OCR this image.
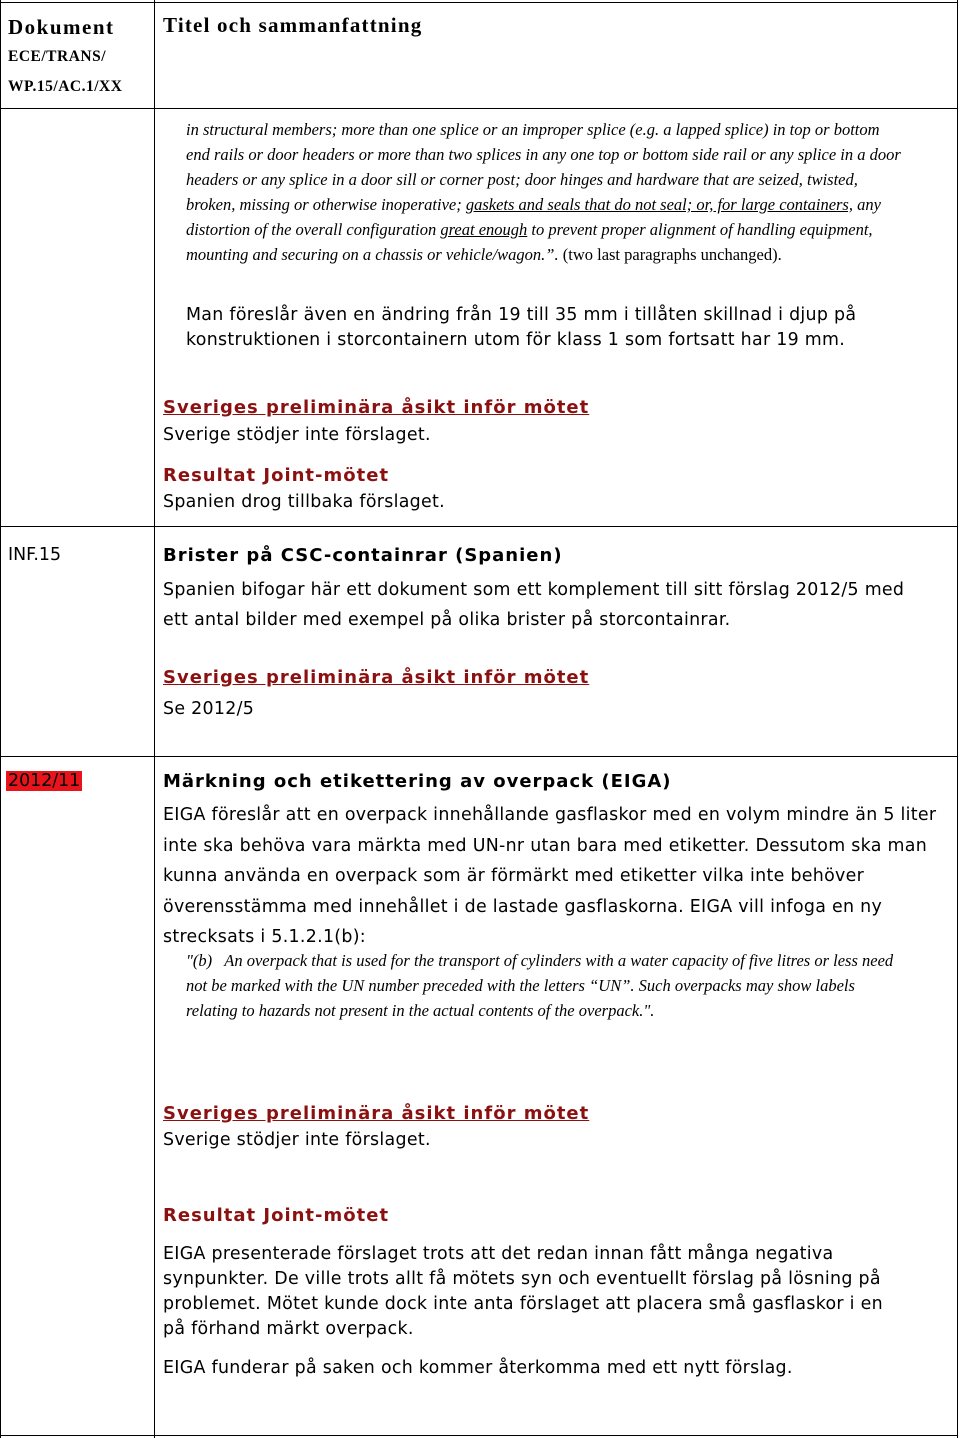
Dokument
ECE/TRANS/
WP.15/AC.1/XX
Titel och sammanfattning
in structural members; more than one splice or an improper splice (e.g. a lapped splice) in top or bottom end rails or door headers or more than two splices in any one top or bottom side rail or any splice in a door headers or any splice in a door sill or corner post; door hinges and hardware that are seized, twisted, broken, missing or otherwise inoperative; gaskets and seals that do not seal; or, for large containers, any distortion of the overall configuration great enough to prevent proper alignment of handling equipment, mounting and securing on a chassis or vehicle/wagon.”. (two last paragraphs unchanged).

Man föreslår även en ändring från 19 till 35 mm i tillåten skillnad i djup på konstruktionen i storcontainern utom för klass 1 som fortsatt har 19 mm.

Sveriges preliminära åsikt inför mötet
Sverige stödjer inte förslaget.
Resultat Joint-mötet
Spanien drog tillbaka förslaget.
INF.15	Brister på CSC-containrar (Spanien)

Spanien bifogar här ett dokument som ett komplement till sitt förslag 2012/5 med ett antal bilder med exempel på olika brister på storcontainrar.

Sveriges preliminära åsikt inför mötet
Se 2012/5
2012/11	Märkning och etikettering av overpack (EIGA)

EIGA föreslår att en overpack innehållande gasflaskor med en volym mindre än 5 liter inte ska behöva vara märkta med UN-nr utan bara med etiketter. Dessutom ska man kunna använda en overpack som är förmärkt med etiketter vilka inte behöver överensstämma med innehållet i de lastade gasflaskorna. EIGA vill infoga en ny strecksats i 5.1.2.1(b):

"(b)   An overpack that is used for the transport of cylinders with a water capacity of five litres or less need not be marked with the UN number preceded with the letters “UN”. Such overpacks may show labels relating to hazards not present in the actual contents of the overpack.".

Sveriges preliminära åsikt inför mötet
Sverige stödjer inte förslaget.
Resultat Joint-mötet

EIGA presenterade förslaget trots att det redan innan fått många negativa synpunkter. De ville trots allt få mötets syn och eventuellt förslag på lösning på problemet. Mötet kunde dock inte anta förslaget att placera små gasflaskor i en på förhand märkt overpack.

EIGA funderar på saken och kommer återkomma med ett nytt förslag.
